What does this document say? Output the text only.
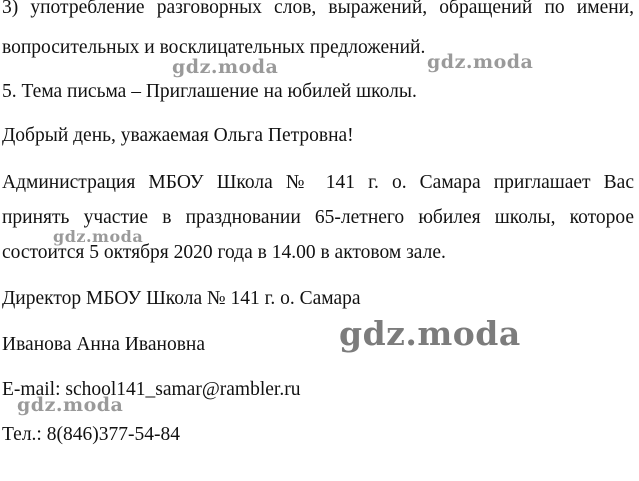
3) употребление разговорных слов, выражений, обращений по имени,

вопросительных и восклицательных предложений.

5. Тема письма – Приглашение на юбилей школы.

Добрый день, уважаемая Ольга Петровна!

Администрация МБОУ Школа № 141 г. о. Самара приглашает Вас

принять участие в праздновании 65-летнего юбилея школы, которое

состоится 5 октября 2020 года в 14.00 в актовом зале.

Директор МБОУ Школа № 141 г. о. Самара

Иванова Анна Ивановна

E-mail: school141_samar@rambler.ru

Тел.: 8(846)377-54-84

gdz.moda	gdz.moda
gdz.moda
gdz.moda
gdz.moda
